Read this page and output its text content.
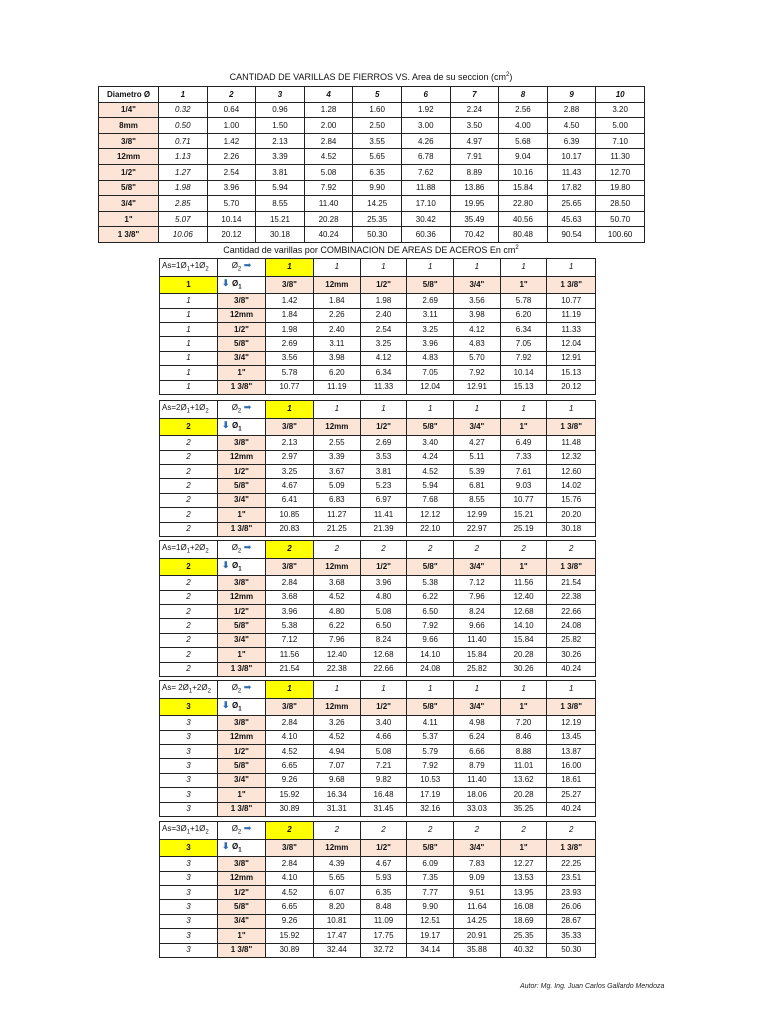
CANTIDAD DE VARILLAS DE FIERROS VS. Area de su seccion $(cm^2)$
Diametro Ø	1	2	3	4	5	6	7	8	9	10
1/4"	0.32	0.64	0.96	1.28	1.60	1.92	2.24	2.56	2.88	3.20
8mm	0.50	1.00	1.50	2.00	2.50	3.00	3.50	4.00	4.50	5.00
3/8"	0.71	1.42	2.13	2.84	3.55	4.26	4.97	5.68	6.39	7.10
12mm	1.13	2.26	3.39	4.52	5.65	6.78	7.91	9.04	10.17	11.30
1/2"	1.27	2.54	3.81	5.08	6.35	7.62	8.89	10.16	11.43	12.70
5/8"	1.98	3.96	5.94	7.92	9.90	11.88	13.86	15.84	17.82	19.80
3/4"	2.85	5.70	8.55	11.40	14.25	17.10	19.95	22.80	25.65	28.50
1"	5.07	10.14	15.21	20.28	25.35	30.42	35.49	40.56	45.63	50.70
1 3/8"	10.06	20.12	30.18	40.24	50.30	60.36	70.42	80.48	90.54	100.60
Cantidad de varillas por COMBINACION DE AREAS DE ACEROS En $cm^2$
$As=1Ø_1+1Ø_2$	$Ø_2$ ➡	1	1	1	1	1	1	1
1	⬇ $Ø_1$	3/8"	12mm	1/2"	5/8"	3/4"	1"	1 3/8"
1	3/8"	1.42	1.84	1.98	2.69	3.56	5.78	10.77
1	12mm	1.84	2.26	2.40	3.11	3.98	6.20	11.19
1	1/2"	1.98	2.40	2.54	3.25	4.12	6.34	11.33
1	5/8"	2.69	3.11	3.25	3.96	4.83	7.05	12.04
1	3/4"	3.56	3.98	4.12	4.83	5.70	7.92	12.91
1	1"	5.78	6.20	6.34	7.05	7.92	10.14	15.13
1	1 3/8"	10.77	11.19	11.33	12.04	12.91	15.13	20.12
$As=2Ø_1+1Ø_2$	$Ø_2$ ➡	1	1	1	1	1	1	1
2	⬇ $Ø_1$	3/8"	12mm	1/2"	5/8"	3/4"	1"	1 3/8"
2	3/8"	2.13	2.55	2.69	3.40	4.27	6.49	11.48
2	12mm	2.97	3.39	3.53	4.24	5.11	7.33	12.32
2	1/2"	3.25	3.67	3.81	4.52	5.39	7.61	12.60
2	5/8"	4.67	5.09	5.23	5.94	6.81	9.03	14.02
2	3/4"	6.41	6.83	6.97	7.68	8.55	10.77	15.76
2	1"	10.85	11.27	11.41	12.12	12.99	15.21	20.20
2	1 3/8"	20.83	21.25	21.39	22.10	22.97	25.19	30.18
$As=1Ø_1+2Ø_2$	$Ø_2$ ➡	2	2	2	2	2	2	2
2	⬇ $Ø_1$	3/8"	12mm	1/2"	5/8"	3/4"	1"	1 3/8"
2	3/8"	2.84	3.68	3.96	5.38	7.12	11.56	21.54
2	12mm	3.68	4.52	4.80	6.22	7.96	12.40	22.38
2	1/2"	3.96	4.80	5.08	6.50	8.24	12.68	22.66
2	5/8"	5.38	6.22	6.50	7.92	9.66	14.10	24.08
2	3/4"	7.12	7.96	8.24	9.66	11.40	15.84	25.82
2	1"	11.56	12.40	12.68	14.10	15.84	20.28	30.26
2	1 3/8"	21.54	22.38	22.66	24.08	25.82	30.26	40.24
$As= 2Ø_1+2Ø_2$	$Ø_2$ ➡	1	1	1	1	1	1	1
3	⬇ $Ø_1$	3/8"	12mm	1/2"	5/8"	3/4"	1"	1 3/8"
3	3/8"	2.84	3.26	3.40	4.11	4.98	7.20	12.19
3	12mm	4.10	4.52	4.66	5.37	6.24	8.46	13.45
3	1/2"	4.52	4.94	5.08	5.79	6.66	8.88	13.87
3	5/8"	6.65	7.07	7.21	7.92	8.79	11.01	16.00
3	3/4"	9.26	9.68	9.82	10.53	11.40	13.62	18.61
3	1"	15.92	16.34	16.48	17.19	18.06	20.28	25.27
3	1 3/8"	30.89	31.31	31.45	32.16	33.03	35.25	40.24
$As=3Ø_1+1Ø_2$	$Ø_2$ ➡	2	2	2	2	2	2	2
3	⬇ $Ø_1$	3/8"	12mm	1/2"	5/8"	3/4"	1"	1 3/8"
3	3/8"	2.84	4.39	4.67	6.09	7.83	12.27	22.25
3	12mm	4.10	5.65	5.93	7.35	9.09	13.53	23.51
3	1/2"	4.52	6.07	6.35	7.77	9.51	13.95	23.93
3	5/8"	6.65	8.20	8.48	9.90	11.64	16.08	26.06
3	3/4"	9.26	10.81	11.09	12.51	14.25	18.69	28.67
3	1"	15.92	17.47	17.75	19.17	20.91	25.35	35.33
3	1 3/8"	30.89	32.44	32.72	34.14	35.88	40.32	50.30
Autor: Mg. Ing. Juan Carlos Gallardo Mendoza
